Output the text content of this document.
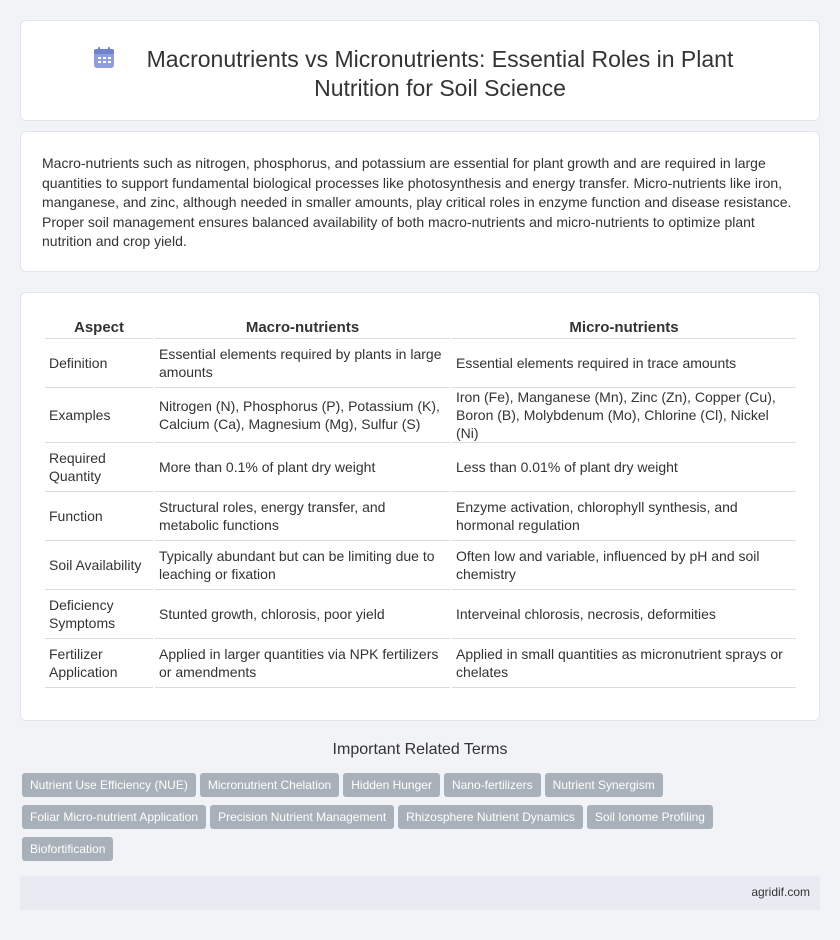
Macronutrients vs Micronutrients: Essential Roles in Plant Nutrition for Soil Science

Macro-nutrients such as nitrogen, phosphorus, and potassium are essential for plant growth and are required in large quantities to support fundamental biological processes like photosynthesis and energy transfer. Micro-nutrients like iron, manganese, and zinc, although needed in smaller amounts, play critical roles in enzyme function and disease resistance. Proper soil management ensures balanced availability of both macro-nutrients and micro-nutrients to optimize plant nutrition and crop yield.

Aspect	Macro-nutrients	Micro-nutrients
Definition	Essential elements required by plants in large amounts	Essential elements required in trace amounts
Examples	Nitrogen (N), Phosphorus (P), Potassium (K), Calcium (Ca), Magnesium (Mg), Sulfur (S)	Iron (Fe), Manganese (Mn), Zinc (Zn), Copper (Cu), Boron (B), Molybdenum (Mo), Chlorine (Cl), Nickel (Ni)
Required Quantity	More than 0.1% of plant dry weight	Less than 0.01% of plant dry weight
Function	Structural roles, energy transfer, and metabolic functions	Enzyme activation, chlorophyll synthesis, and hormonal regulation
Soil Availability	Typically abundant but can be limiting due to leaching or fixation	Often low and variable, influenced by pH and soil chemistry
Deficiency Symptoms	Stunted growth, chlorosis, poor yield	Interveinal chlorosis, necrosis, deformities
Fertilizer Application	Applied in larger quantities via NPK fertilizers or amendments	Applied in small quantities as micronutrient sprays or chelates
Important Related Terms
Nutrient Use Efficiency (NUE) Micronutrient Chelation Hidden Hunger Nano-fertilizers Nutrient Synergism
Foliar Micro-nutrient Application Precision Nutrient Management Rhizosphere Nutrient Dynamics Soil Ionome Profiling
Biofortification
agridif.com
